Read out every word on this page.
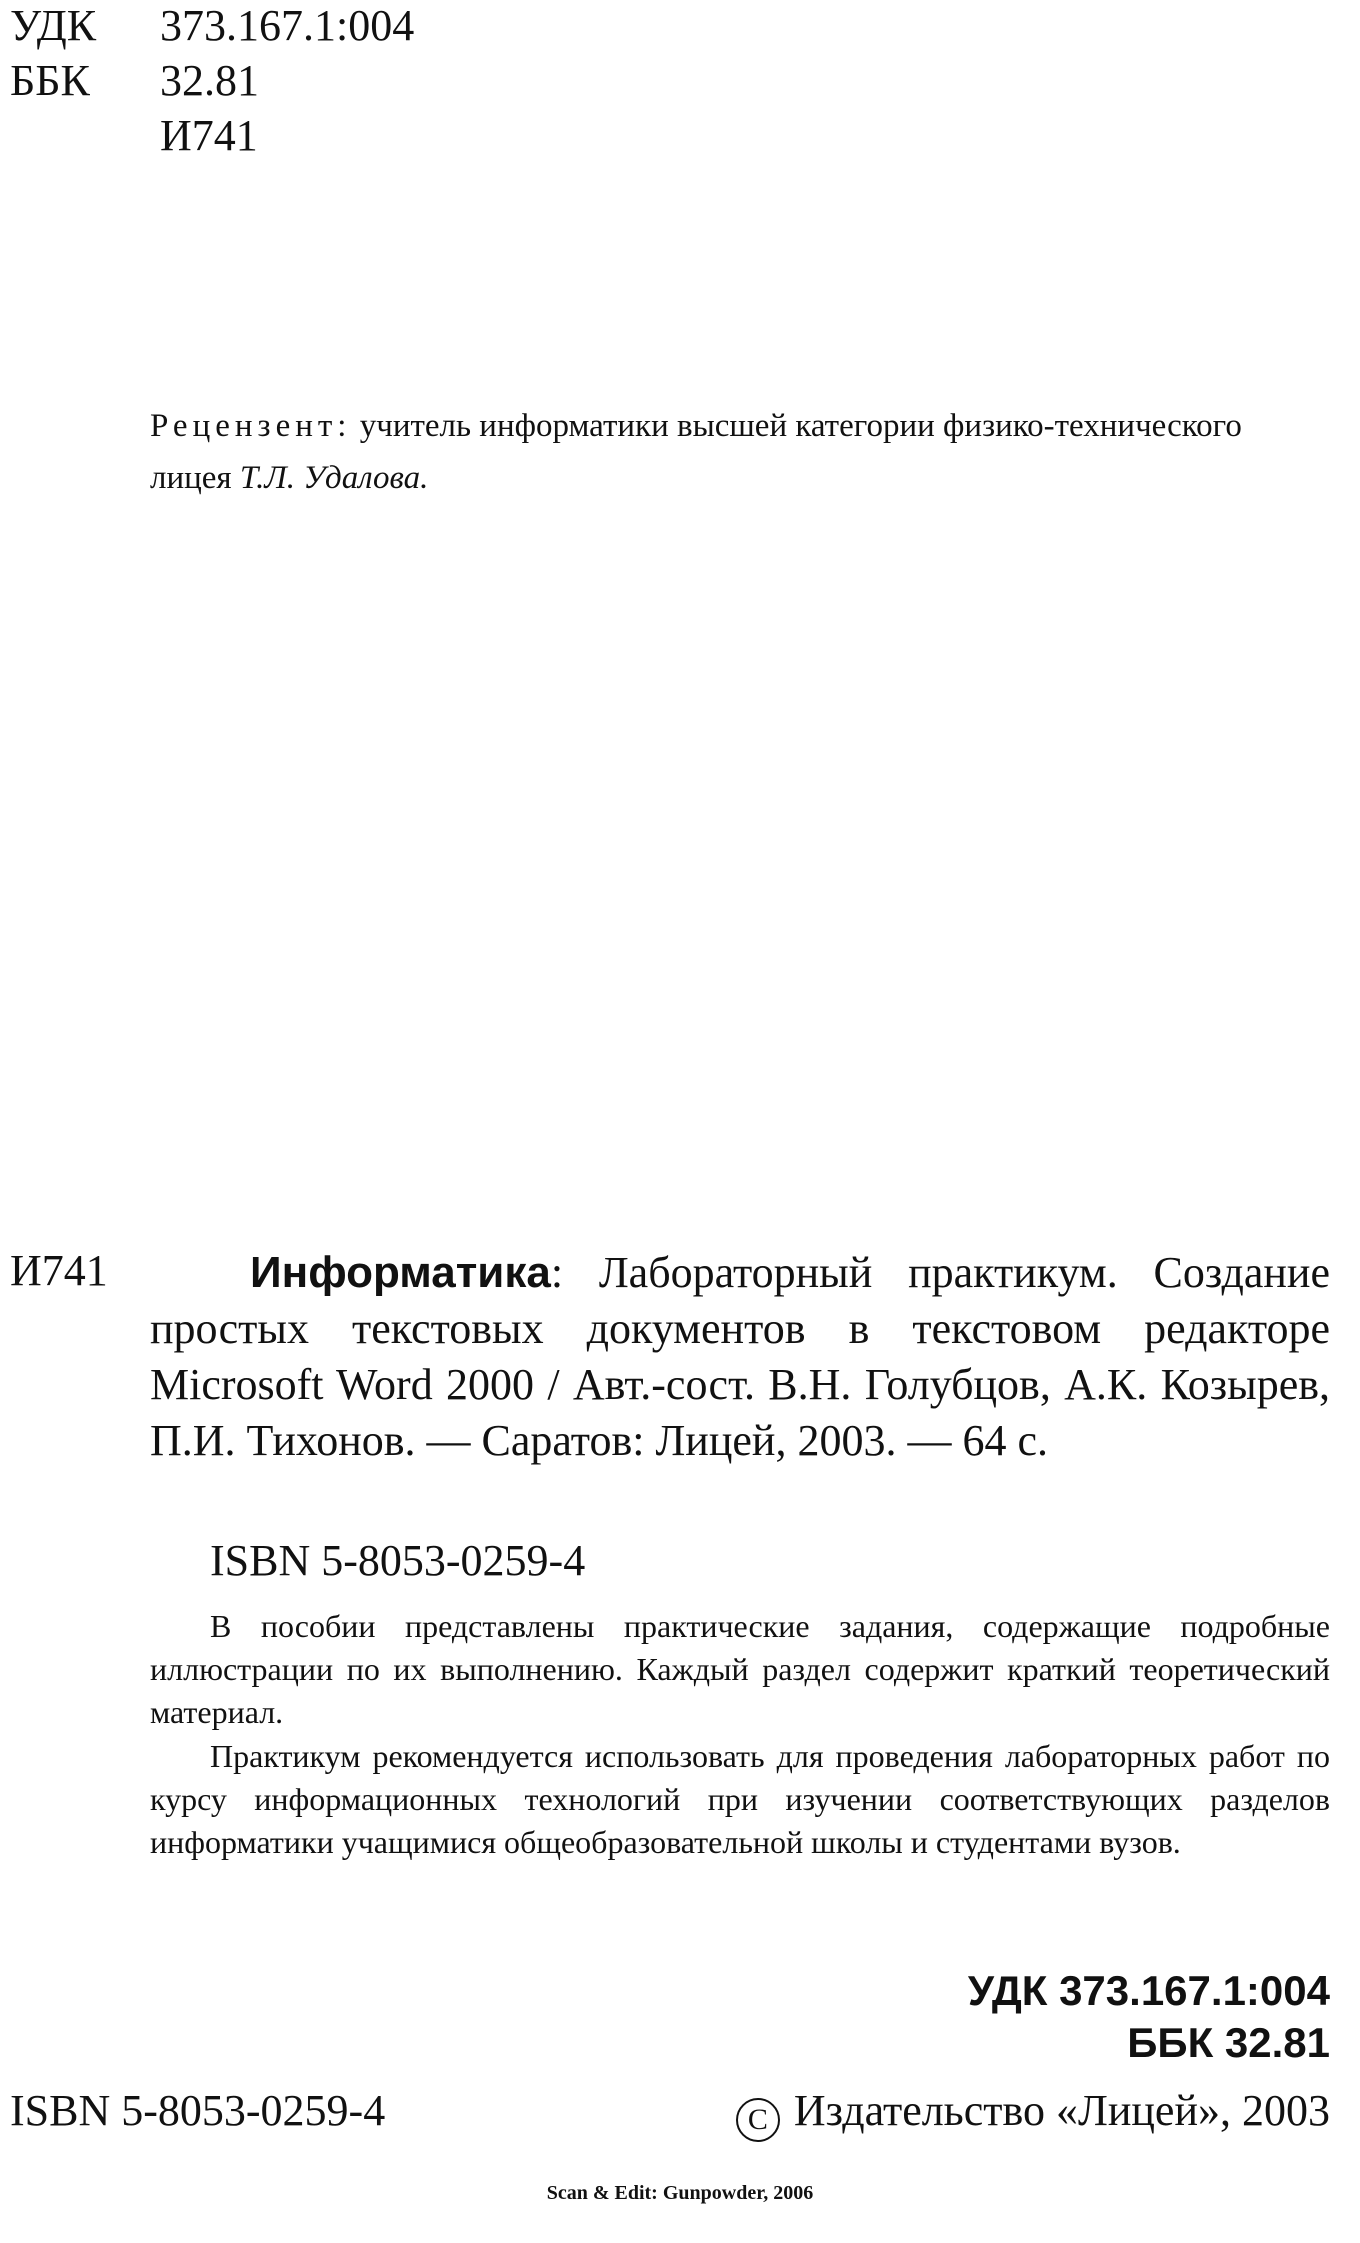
УДК 373.167.1:004
ББК 32.81
И741
Рецензент: учитель информатики высшей категории физико-технического лицея Т.Л. Удалова.
И741	Информатика: Лабораторный практикум. Создание простых текстовых документов в текстовом редакторе Microsoft Word 2000 / Авт.-сост. В.Н. Голубцов, А.К. Козырев, П.И. Тихонов. — Саратов: Лицей, 2003. — 64 с.
ISBN 5-8053-0259-4
В пособии представлены практические задания, содержащие подробные иллюстрации по их выполнению. Каждый раздел содержит краткий теоретический материал.
Практикум рекомендуется использовать для проведения лабораторных работ по курсу информационных технологий при изучении соответствующих разделов информатики учащимися общеобразовательной школы и студентами вузов.
УДК 373.167.1:004
ББК 32.81
ISBN 5-8053-0259-4	C Издательство «Лицей», 2003
Scan & Edit: Gunpowder, 2006
